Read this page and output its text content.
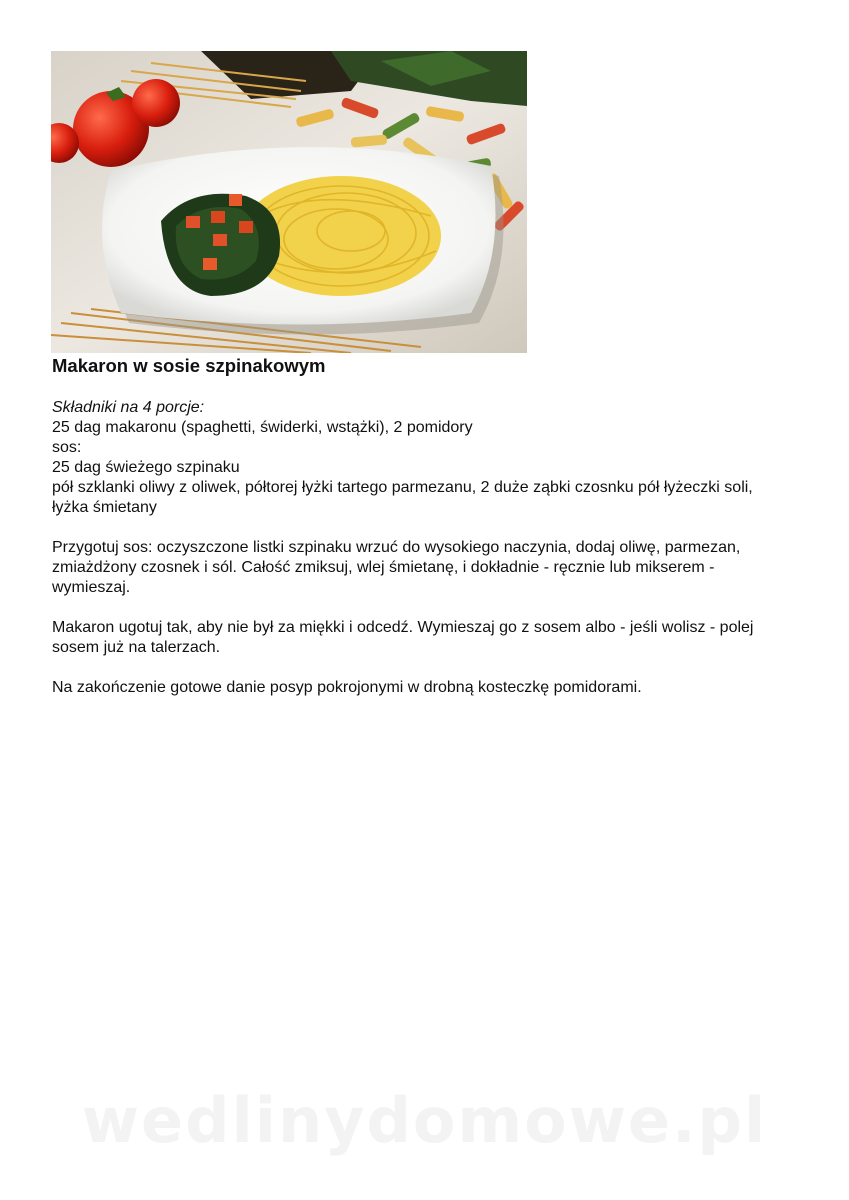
Makaron w sosie szpinakowym
Składniki na 4 porcje:
25 dag makaronu (spaghetti, świderki, wstążki), 2 pomidory
sos:
25 dag świeżego szpinaku
pół szklanki oliwy z oliwek, półtorej łyżki tartego parmezanu, 2 duże ząbki czosnku pół łyżeczki soli, łyżka śmietany

Przygotuj sos: oczyszczone listki szpinaku wrzuć do wysokiego naczynia, dodaj oliwę, parmezan, zmiażdżony czosnek i sól. Całość zmiksuj, wlej śmietanę, i dokładnie - ręcznie lub mikserem - wymieszaj.

Makaron ugotuj tak, aby nie był za miękki i odcedź. Wymieszaj go z sosem albo - jeśli wolisz - polej sosem już na talerzach.

Na zakończenie gotowe danie posyp pokrojonymi w drobną kosteczkę pomidorami.

wedlinydomowe.pl
